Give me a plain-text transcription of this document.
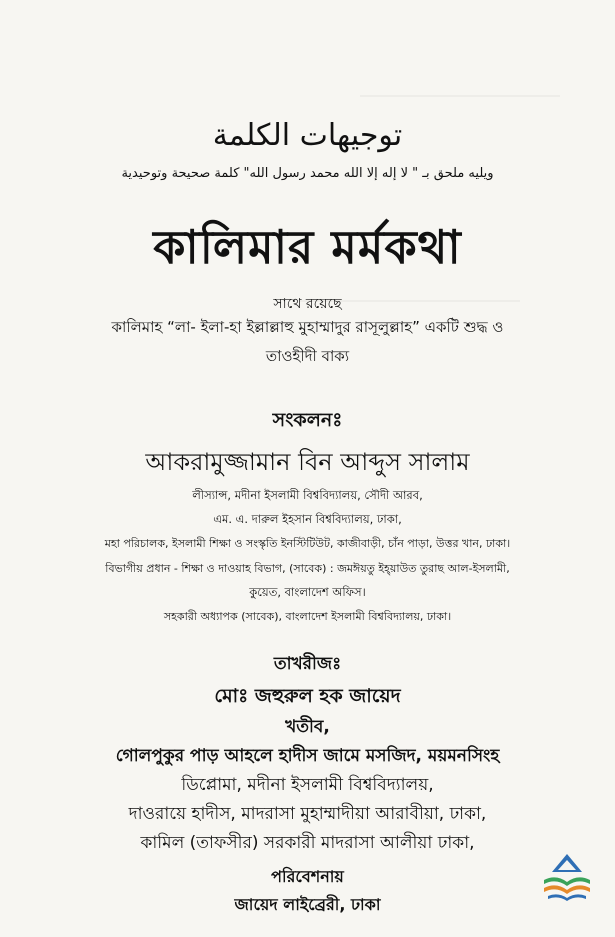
توجيهات الكلمة
ويليه ملحق بـ " لا إله إلا الله محمد رسول الله" كلمة صحيحة وتوحيدية
কালিমার মর্মকথা
সাথে রয়েছে
কালিমাহ “লা- ইলা-হা ইল্লাল্লাহু মুহাম্মাদুর রাসূলুল্লাহ” একটি শুদ্ধ ও
তাওহীদী বাক্য
সংকলনঃ
আকরামুজ্জামান বিন আব্দুস সালাম
লীস্যান্স, মদীনা ইসলামী বিশ্ববিদ্যালয়, সৌদী আরব,
এম. এ. দারুল ইহসান বিশ্ববিদ্যালয়, ঢাকা,
মহা পরিচালক, ইসলামী শিক্ষা ও সংস্কৃতি ইনস্টিটিউট, কাজীবাড়ী, চাঁন পাড়া, উত্তর খান, ঢাকা।
বিভাগীয় প্রধান - শিক্ষা ও দাওয়াহ বিভাগ, (সাবেক) : জমঈয়তু ইহ্‌য়াউত তুরাছ আল-ইসলামী,
কুয়েত, বাংলাদেশ অফিস।
সহকারী অধ্যাপক (সাবেক), বাংলাদেশ ইসলামী বিশ্ববিদ্যালয়, ঢাকা।
তাখরীজঃ
মোঃ জহুরুল হক জায়েদ
খতীব,
গোলপুকুর পাড় আহলে হাদীস জামে মসজিদ, ময়মনসিংহ
ডিপ্লোমা, মদীনা ইসলামী বিশ্ববিদ্যালয়,
দাওরায়ে হাদীস, মাদরাসা মুহাম্মাদীয়া আরাবীয়া, ঢাকা,
কামিল (তাফসীর) সরকারী মাদরাসা আলীয়া ঢাকা,
পরিবেশনায়
জায়েদ লাইব্রেরী, ঢাকা
